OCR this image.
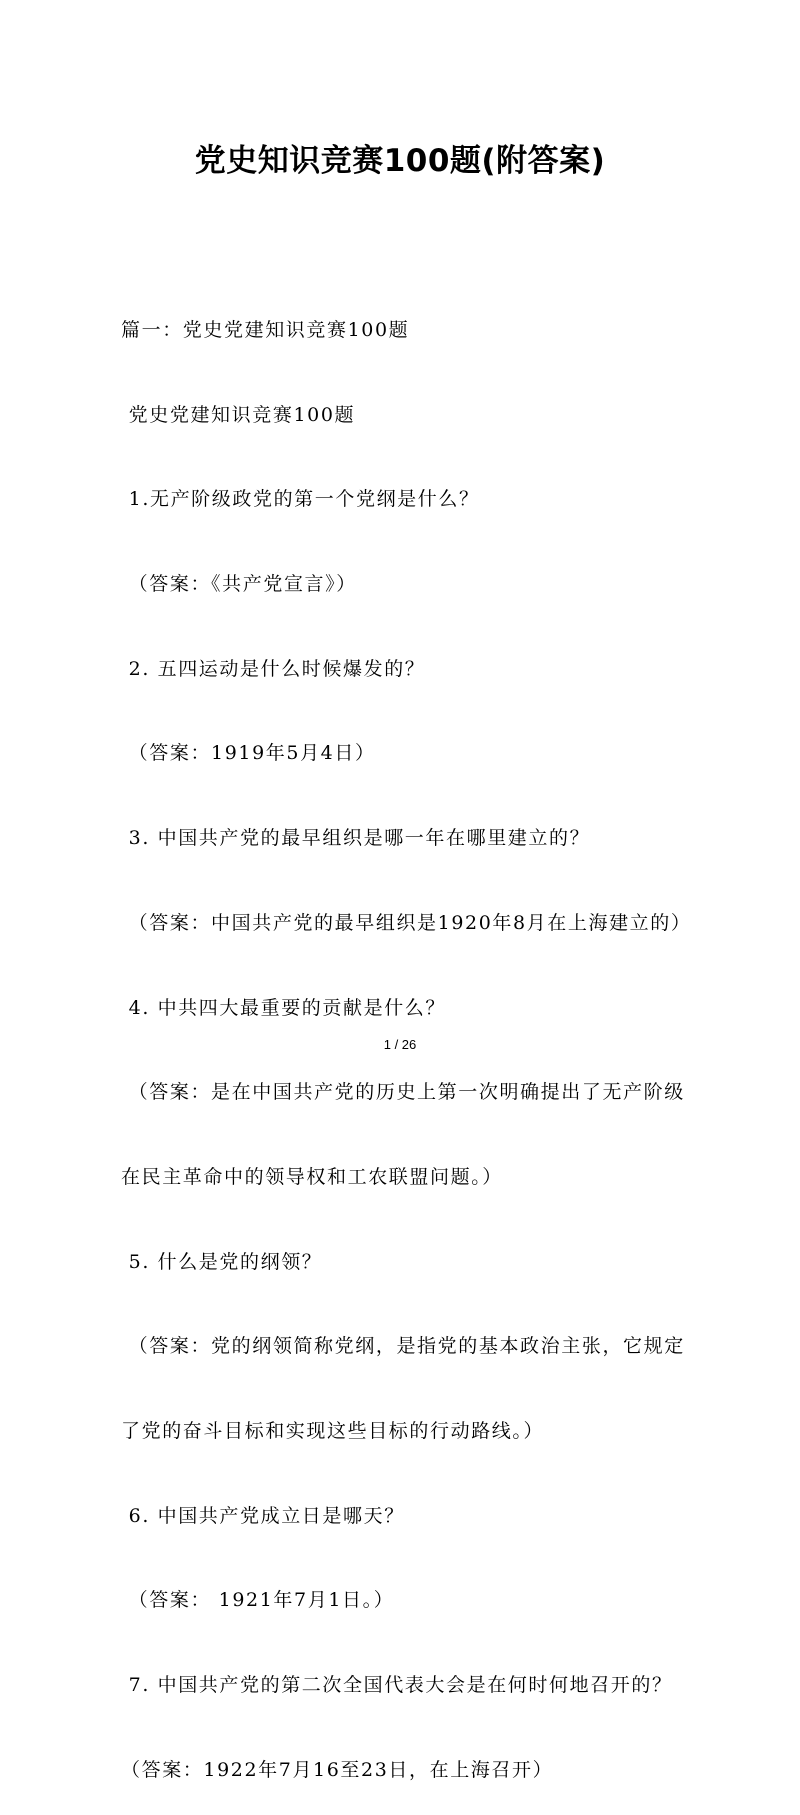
党史知识竞赛100题(附答案)

篇一：党史党建知识竞赛100题

党史党建知识竞赛100题

1.无产阶级政党的第一个党纲是什么？

（答案：《共产党宣言》）

2. 五四运动是什么时候爆发的？

（答案：1919年5月4日）

3. 中国共产党的最早组织是哪一年在哪里建立的？

（答案：中国共产党的最早组织是1920年8月在上海建立的）

4. 中共四大最重要的贡献是什么？

（答案：是在中国共产党的历史上第一次明确提出了无产阶级

在民主革命中的领导权和工农联盟问题。）

5. 什么是党的纲领？

（答案：党的纲领简称党纲，是指党的基本政治主张，它规定

了党的奋斗目标和实现这些目标的行动路线。）

6. 中国共产党成立日是哪天？

（答案： 1921年7月1日。）

7. 中国共产党的第二次全国代表大会是在何时何地召开的？

（答案：1922年7月16至23日，在上海召开）

1 / 26
